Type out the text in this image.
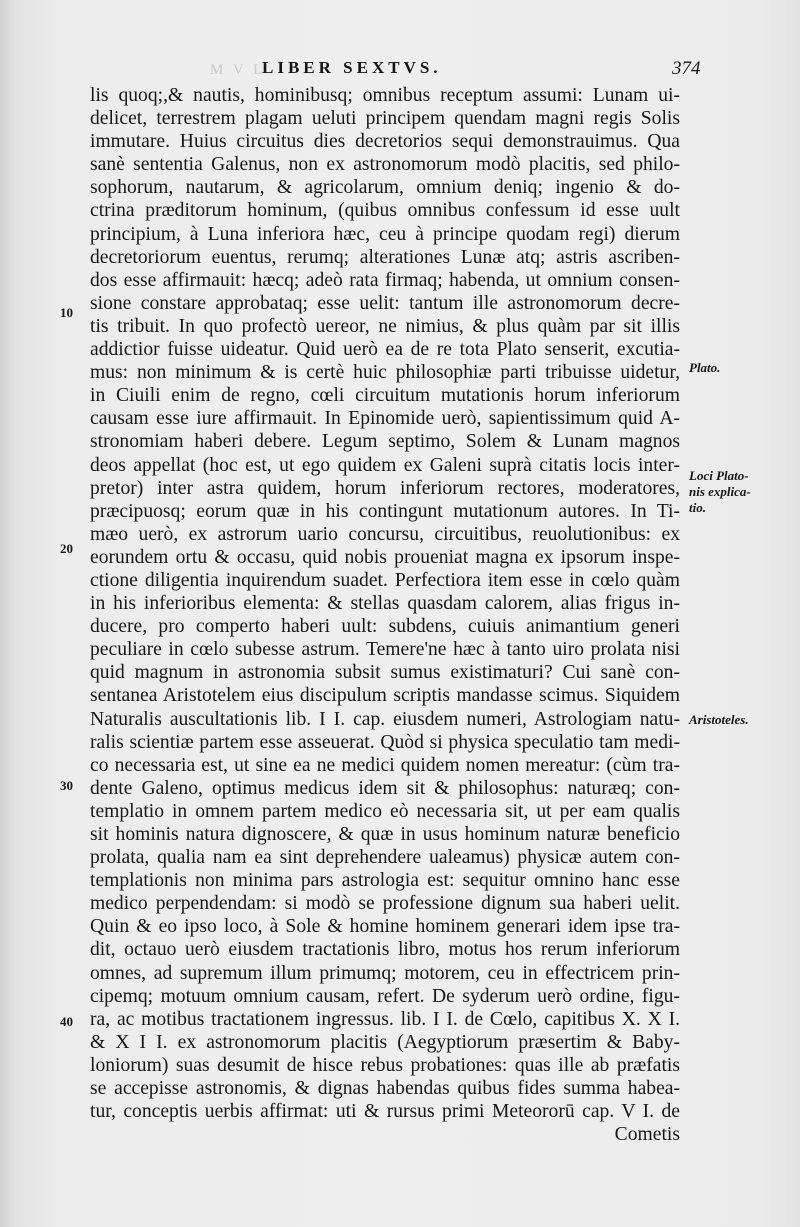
M V L
LIBER SEXTVS.	374
lis quoq;,& nautis, hominibusq; omnibus receptum assumi: Lunam ui-
delicet, terrestrem plagam ueluti principem quendam magni regis Solis
immutare. Huius circuitus dies decretorios sequi demonstrauimus. Qua
sanè sententia Galenus, non ex astronomorum modò placitis, sed philo-
sophorum, nautarum, & agricolarum, omnium deniq; ingenio & do-
ctrina præditorum hominum, (quibus omnibus confessum id esse uult
principium, à Luna inferiora hæc, ceu à principe quodam regi) dierum
decretoriorum euentus, rerumq; alterationes Lunæ atq; astris ascriben-
dos esse affirmauit: hæcq; adeò rata firmaq; habenda, ut omnium consen-
sione constare approbataq; esse uelit: tantum ille astronomorum decre-
tis tribuit. In quo profectò uereor, ne nimius, & plus quàm par sit illis
addictior fuisse uideatur. Quid uerò ea de re tota Plato senserit, excutia-
mus: non minimum & is certè huic philosophiæ parti tribuisse uidetur,
in Ciuili enim de regno, cœli circuitum mutationis horum inferiorum
causam esse iure affirmauit. In Epinomide uerò, sapientissimum quid A-
stronomiam haberi debere. Legum septimo, Solem & Lunam magnos
deos appellat (hoc est, ut ego quidem ex Galeni suprà citatis locis inter-
pretor) inter astra quidem, horum inferiorum rectores, moderatores,
præcipuosq; eorum quæ in his contingunt mutationum autores. In Ti-
mæo uerò, ex astrorum uario concursu, circuitibus, reuolutionibus: ex
eorundem ortu & occasu, quid nobis proueniat magna ex ipsorum inspe-
ctione diligentia inquirendum suadet. Perfectiora item esse in cœlo quàm
in his inferioribus elementa: & stellas quasdam calorem, alias frigus in-
ducere, pro comperto haberi uult: subdens, cuiuis animantium generi
peculiare in cœlo subesse astrum. Temere'ne hæc à tanto uiro prolata nisi
quid magnum in astronomia subsit sumus existimaturi? Cui sanè con-
sentanea Aristotelem eius discipulum scriptis mandasse scimus. Siquidem
Naturalis auscultationis lib. I I. cap. eiusdem numeri, Astrologiam natu-
ralis scientiæ partem esse asseuerat. Quòd si physica speculatio tam medi-
co necessaria est, ut sine ea ne medici quidem nomen mereatur: (cùm tra-
dente Galeno, optimus medicus idem sit & philosophus: naturæq; con-
templatio in omnem partem medico eò necessaria sit, ut per eam qualis
sit hominis natura dignoscere, & quæ in usus hominum naturæ beneficio
prolata, qualia nam ea sint deprehendere ualeamus) physicæ autem con-
templationis non minima pars astrologia est: sequitur omnino hanc esse
medico perpendendam: si modò se professione dignum sua haberi uelit.
Quin & eo ipso loco, à Sole & homine hominem generari idem ipse tra-
dit, octauo uerò eiusdem tractationis libro, motus hos rerum inferiorum
omnes, ad supremum illum primumq; motorem, ceu in effectricem prin-
cipemq; motuum omnium causam, refert. De syderum uerò ordine, figu-
ra, ac motibus tractationem ingressus. lib. I I. de Cœlo, capitibus X. X I.
& X I I. ex astronomorum placitis (Aegyptiorum præsertim & Baby-
loniorum) suas desumit de hisce rebus probationes: quas ille ab præfatis
se accepisse astronomis, & dignas habendas quibus fides summa habea-
tur, conceptis uerbis affirmat: uti & rursus primi Meteororū cap. V I. de
Cometis
10
20
30
40
Plato.
Loci Plato-
nis explica-
tio.
Aristoteles.
